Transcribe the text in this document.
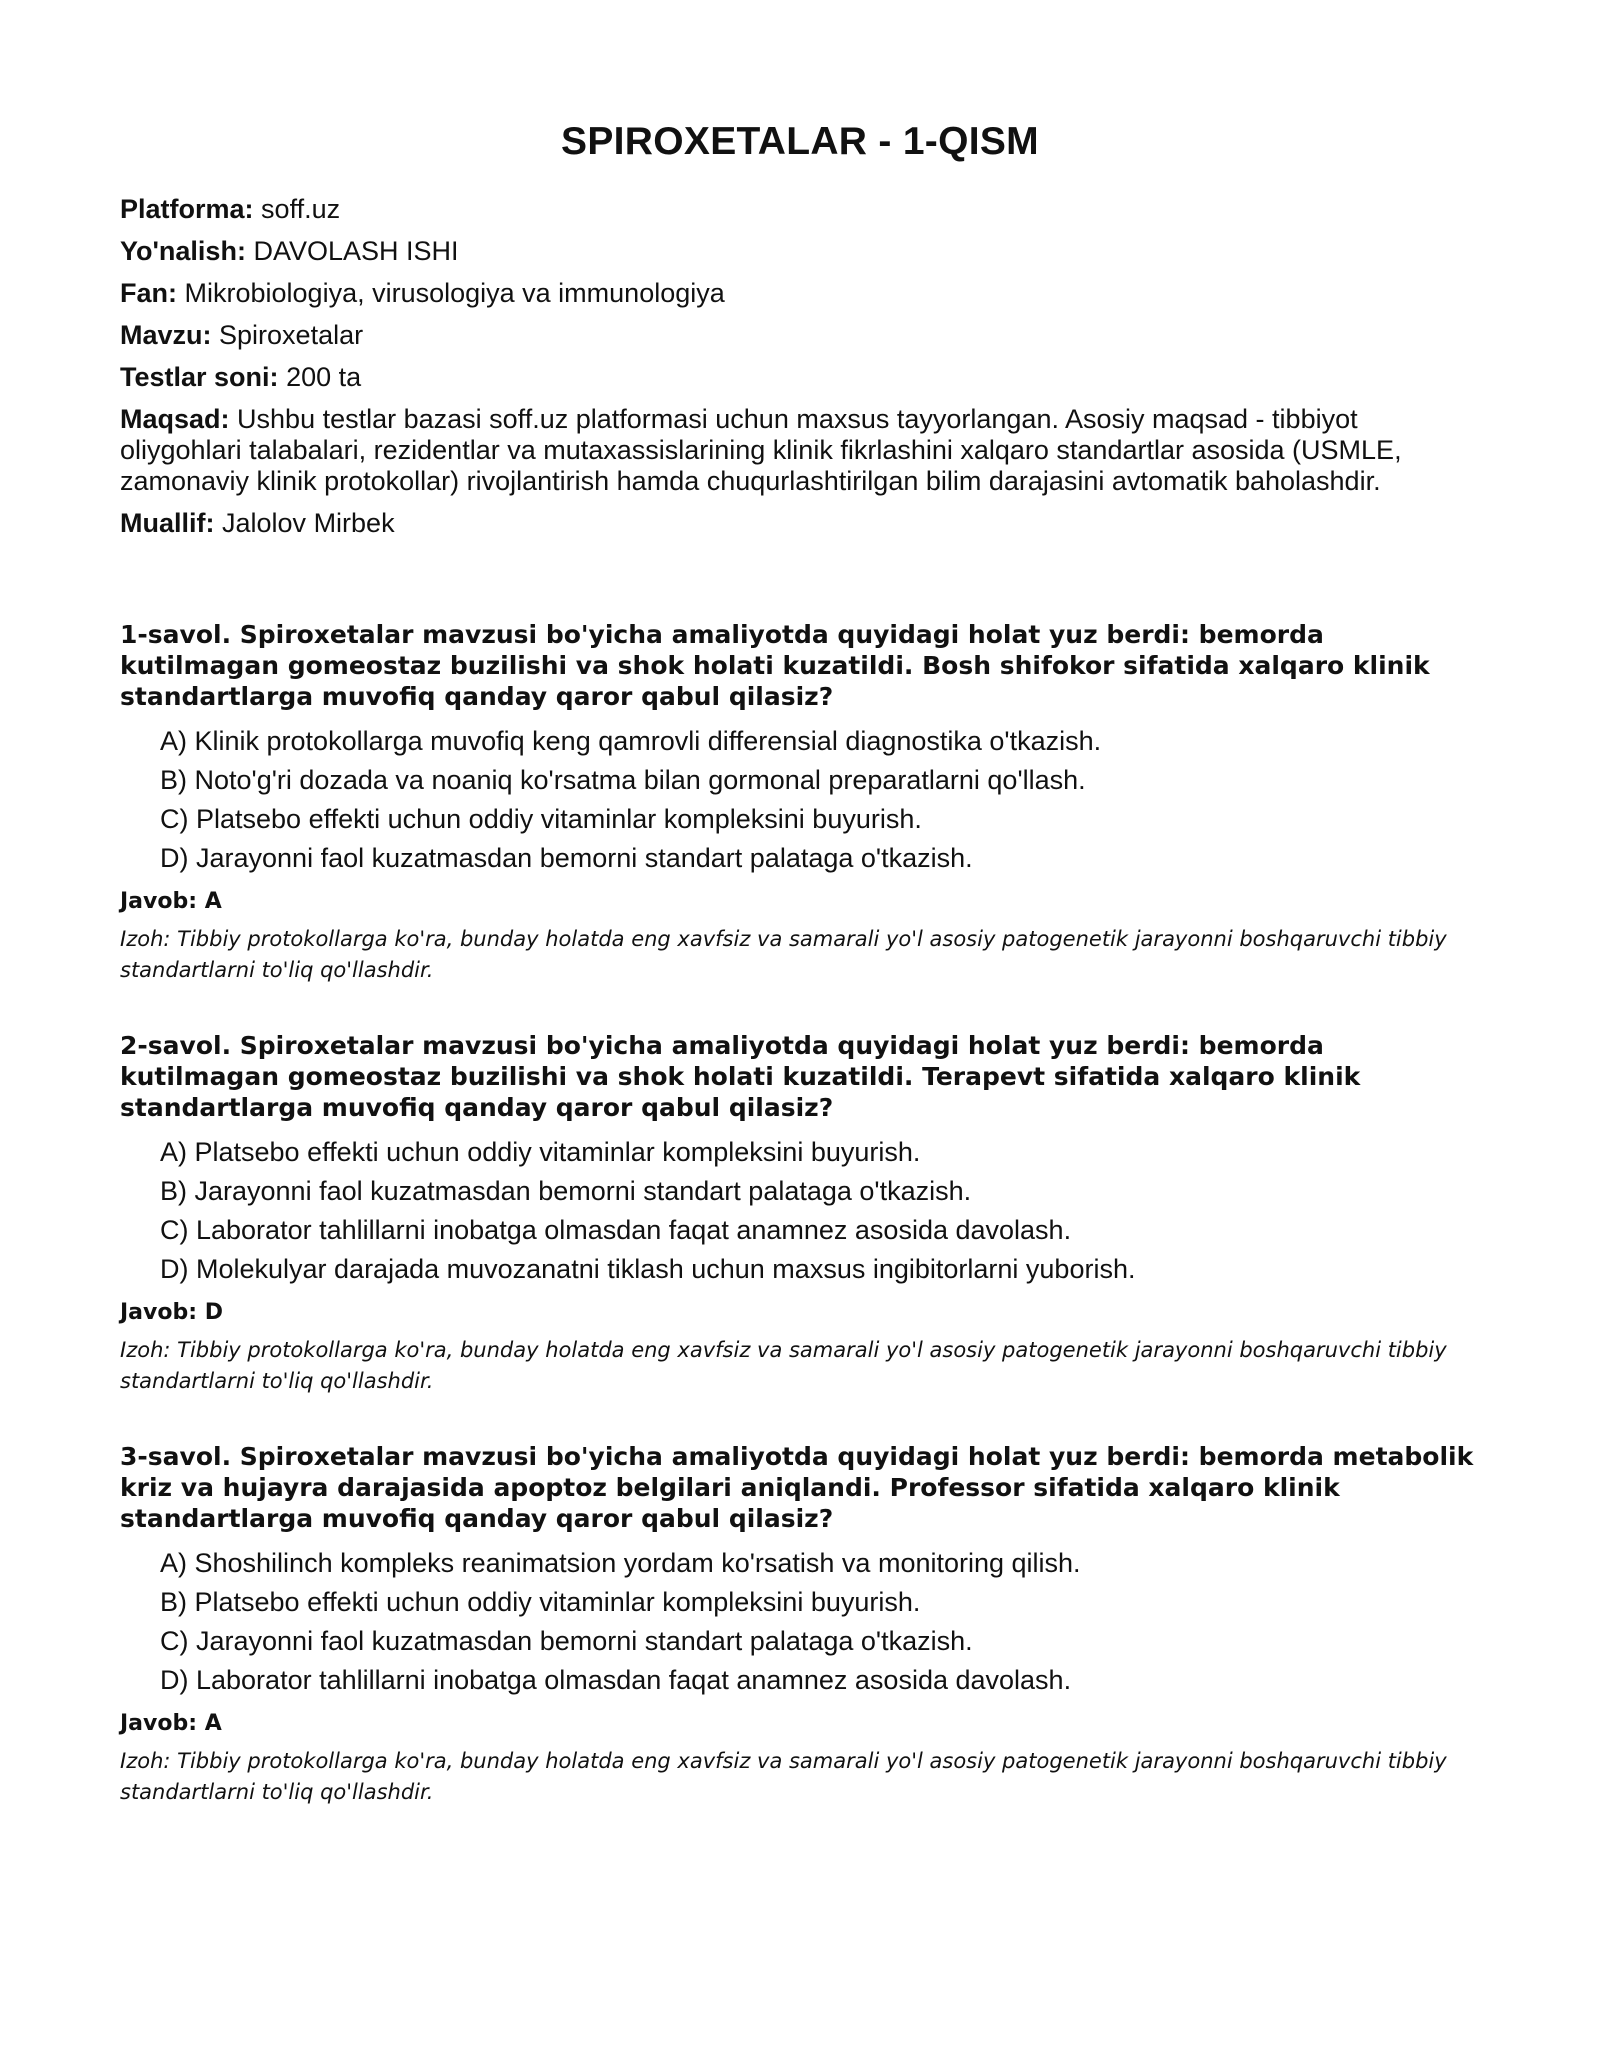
SPIROXETALAR - 1-QISM

Platforma: soff.uz

Yo'nalish: DAVOLASH ISHI

Fan: Mikrobiologiya, virusologiya va immunologiya

Mavzu: Spiroxetalar

Testlar soni: 200 ta

Maqsad: Ushbu testlar bazasi soff.uz platformasi uchun maxsus tayyorlangan. Asosiy maqsad - tibbiyot oliygohlari talabalari, rezidentlar va mutaxassislarining klinik fikrlashini xalqaro standartlar asosida (USMLE, zamonaviy klinik protokollar) rivojlantirish hamda chuqurlashtirilgan bilim darajasini avtomatik baholashdir.

Muallif: Jalolov Mirbek

1-savol. Spiroxetalar mavzusi bo'yicha amaliyotda quyidagi holat yuz berdi: bemorda kutilmagan gomeostaz buzilishi va shok holati kuzatildi. Bosh shifokor sifatida xalqaro klinik standartlarga muvofiq qanday qaror qabul qilasiz?

A) Klinik protokollarga muvofiq keng qamrovli differensial diagnostika o'tkazish.

B) Noto'g'ri dozada va noaniq ko'rsatma bilan gormonal preparatlarni qo'llash.

C) Platsebo effekti uchun oddiy vitaminlar kompleksini buyurish.

D) Jarayonni faol kuzatmasdan bemorni standart palataga o'tkazish.

Javob: A

Izoh: Tibbiy protokollarga ko'ra, bunday holatda eng xavfsiz va samarali yo'l asosiy patogenetik jarayonni boshqaruvchi tibbiy standartlarni to'liq qo'llashdir.

2-savol. Spiroxetalar mavzusi bo'yicha amaliyotda quyidagi holat yuz berdi: bemorda kutilmagan gomeostaz buzilishi va shok holati kuzatildi. Terapevt sifatida xalqaro klinik standartlarga muvofiq qanday qaror qabul qilasiz?

A) Platsebo effekti uchun oddiy vitaminlar kompleksini buyurish.

B) Jarayonni faol kuzatmasdan bemorni standart palataga o'tkazish.

C) Laborator tahlillarni inobatga olmasdan faqat anamnez asosida davolash.

D) Molekulyar darajada muvozanatni tiklash uchun maxsus ingibitorlarni yuborish.

Javob: D

Izoh: Tibbiy protokollarga ko'ra, bunday holatda eng xavfsiz va samarali yo'l asosiy patogenetik jarayonni boshqaruvchi tibbiy standartlarni to'liq qo'llashdir.

3-savol. Spiroxetalar mavzusi bo'yicha amaliyotda quyidagi holat yuz berdi: bemorda metabolik kriz va hujayra darajasida apoptoz belgilari aniqlandi. Professor sifatida xalqaro klinik standartlarga muvofiq qanday qaror qabul qilasiz?

A) Shoshilinch kompleks reanimatsion yordam ko'rsatish va monitoring qilish.

B) Platsebo effekti uchun oddiy vitaminlar kompleksini buyurish.

C) Jarayonni faol kuzatmasdan bemorni standart palataga o'tkazish.

D) Laborator tahlillarni inobatga olmasdan faqat anamnez asosida davolash.

Javob: A

Izoh: Tibbiy protokollarga ko'ra, bunday holatda eng xavfsiz va samarali yo'l asosiy patogenetik jarayonni boshqaruvchi tibbiy standartlarni to'liq qo'llashdir.
